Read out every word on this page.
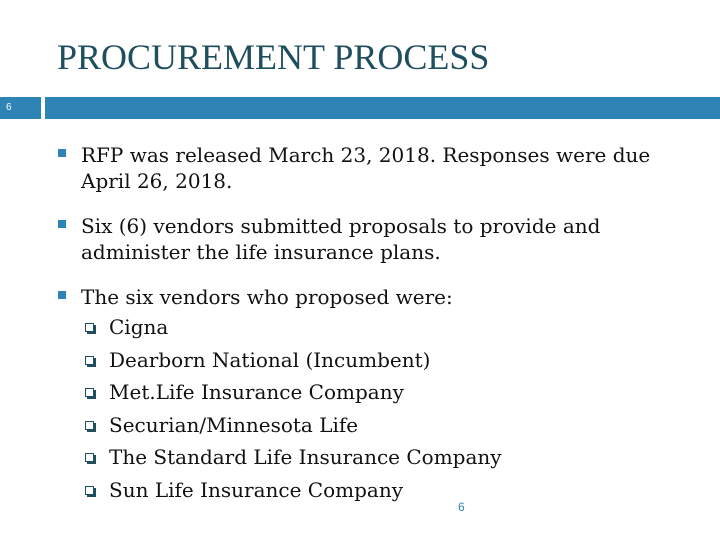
PROCUREMENT PROCESS
6
RFP was released March 23, 2018. Responses were due April 26, 2018.
Six (6) vendors submitted proposals to provide and administer the life insurance plans.
The six vendors who proposed were:
Cigna
Dearborn National (Incumbent)
Met.Life Insurance Company
Securian/Minnesota Life
The Standard Life Insurance Company
Sun Life Insurance Company
6
